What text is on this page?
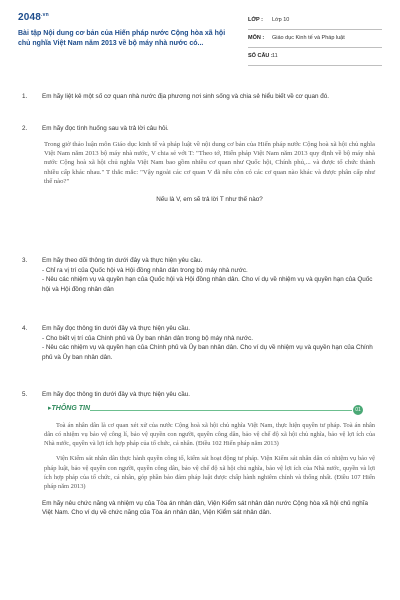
$2048^{.vn}$
Bài tập Nội dung cơ bản của Hiến pháp nước Cộng hòa xã hội chủ nghĩa Việt Nam năm 2013 về bộ máy nhà nước có...
LỚP : Lớp 10
MÔN : Giáo dục Kinh tế và Pháp luật
SỐ CÂU : 11
1. Em hãy liệt kê một số cơ quan nhà nước địa phương nơi sinh sống và chia sẻ hiểu biết về cơ quan đó.
2. Em hãy đọc tình huống sau và trả lời câu hỏi.
Trong giờ thảo luận môn Giáo dục kinh tế và pháp luật về nội dung cơ bản của Hiến pháp nước Cộng hoà xã hội chủ nghĩa Việt Nam năm 2013 bộ máy nhà nước, V chia sẻ với T: "Theo tớ, Hiến pháp Việt Nam năm 2013 quy định về bộ máy nhà nước Cộng hoà xã hội chủ nghĩa Việt Nam bao gồm nhiều cơ quan như Quốc hội, Chính phủ,... và được tổ chức thành nhiều cấp khác nhau." T thắc mắc: "Vậy ngoài các cơ quan V đã nêu còn có các cơ quan nào khác và được phân cấp như thế nào?"
Nếu là V, em sẽ trả lời T như thế nào?
3. Em hãy theo dõi thông tin dưới đây và thực hiện yêu cầu.
- Chỉ ra vị trí của Quốc hội và Hội đồng nhân dân trong bộ máy nhà nước.
- Nêu các nhiệm vụ và quyền hạn của Quốc hội và Hội đồng nhân dân. Cho ví dụ về nhiệm vụ và quyền hạn của Quốc hội và Hội đồng nhân dân
4. Em hãy đọc thông tin dưới đây và thực hiện yêu cầu.
- Cho biết vị trí của Chính phủ và Ủy ban nhân dân trong bộ máy nhà nước.
- Nêu các nhiệm vụ và quyền hạn của Chính phủ và Ủy ban nhân dân. Cho ví dụ về nhiệm vụ và quyền hạn của Chính phủ và Ủy ban nhân dân.
5. Em hãy đọc thông tin dưới đây và thực hiện yêu cầu.
▸THÔNG TIN	01
Toà án nhân dân là cơ quan xét xử của nước Cộng hoà xã hội chủ nghĩa Việt Nam, thực hiện quyền tư pháp. Toà án nhân dân có nhiệm vụ bảo vệ công lí, bảo vệ quyền con người, quyền công dân, bảo vệ chế độ xã hội chủ nghĩa, bảo vệ lợi ích của Nhà nước, quyền và lợi ích hợp pháp của tổ chức, cá nhân. (Điều 102 Hiến pháp năm 2013)
Viện Kiểm sát nhân dân thực hành quyền công tố, kiểm sát hoạt động tư pháp. Viện Kiểm sát nhân dân có nhiệm vụ bảo vệ pháp luật, bảo vệ quyền con người, quyền công dân, bảo vệ chế độ xã hội chủ nghĩa, bảo vệ lợi ích của Nhà nước, quyền và lợi ích hợp pháp của tổ chức, cá nhân, góp phần bảo đảm pháp luật được chấp hành nghiêm chỉnh và thống nhất. (Điều 107 Hiến pháp năm 2013)
Em hãy nêu chức năng và nhiệm vụ của Tòa án nhân dân, Viện Kiểm sát nhân dân nước Cộng hòa xã hội chủ nghĩa Việt Nam. Cho ví dụ về chức năng của Tòa án nhân dân, Viện Kiểm sát nhân dân.
